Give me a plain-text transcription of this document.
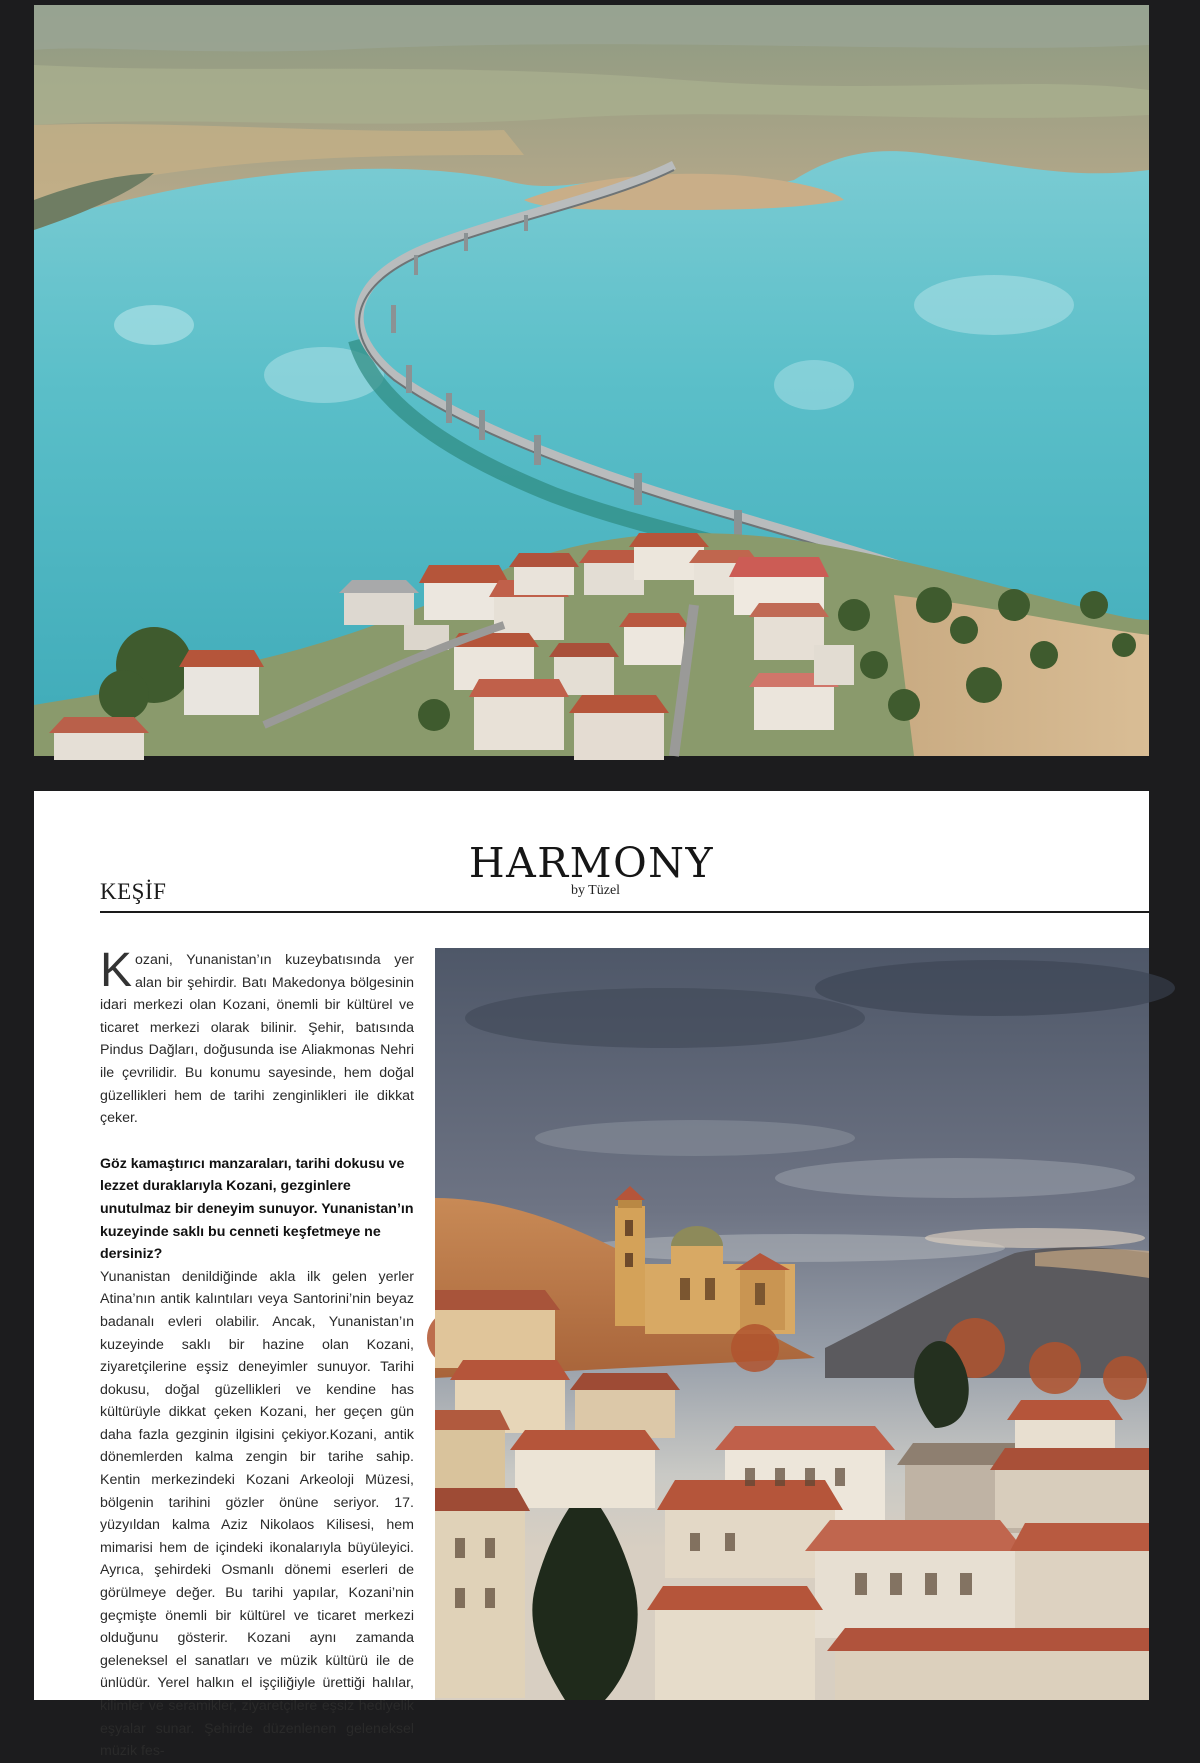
HARMONY
by Tüzel
KEŞİF

Kozani, Yunanistan’ın kuzeybatısında yer alan bir şehirdir. Batı Makedonya bölgesinin idari merkezi olan Kozani, önemli bir kültürel ve ticaret merkezi olarak bilinir. Şehir, batısında Pindus Dağları, doğusunda ise Aliakmonas Nehri ile çevrilidir. Bu konumu sayesinde, hem doğal güzellikleri hem de tarihi zenginlikleri ile dikkat çeker.

Göz kamaştırıcı manzaraları, tarihi dokusu ve lezzet duraklarıyla Kozani, gezginlere unutulmaz bir deneyim sunuyor. Yunanistan’ın kuzeyinde saklı bu cenneti keşfetmeye ne dersiniz?

Yunanistan denildiğinde akla ilk gelen yerler Atina’nın antik kalıntıları veya Santorini’nin beyaz badanalı evleri olabilir. Ancak, Yunanistan’ın kuzeyinde saklı bir hazine olan Kozani, ziyaretçilerine eşsiz deneyimler sunuyor. Tarihi dokusu, doğal güzellikleri ve kendine has kültürüyle dikkat çeken Kozani, her geçen gün daha fazla gezginin ilgisini çekiyor.Kozani, antik dönemlerden kalma zengin bir tarihe sahip. Kentin merkezindeki Kozani Arkeoloji Müzesi, bölgenin tarihini gözler önüne seriyor. 17. yüzyıldan kalma Aziz Nikolaos Kilisesi, hem mimarisi hem de içindeki ikonalarıyla büyüleyici. Ayrıca, şehirdeki Osmanlı dönemi eserleri de görülmeye değer. Bu tarihi yapılar, Kozani’nin geçmişte önemli bir kültürel ve ticaret merkezi olduğunu gösterir. Kozani aynı zamanda geleneksel el sanatları ve müzik kültürü ile de ünlüdür. Yerel halkın el işçiliğiyle ürettiği halılar, kilimler ve seramikler, ziyaretçilere eşsiz hediyelik eşyalar sunar. Şehirde düzenlenen geleneksel müzik fes-
